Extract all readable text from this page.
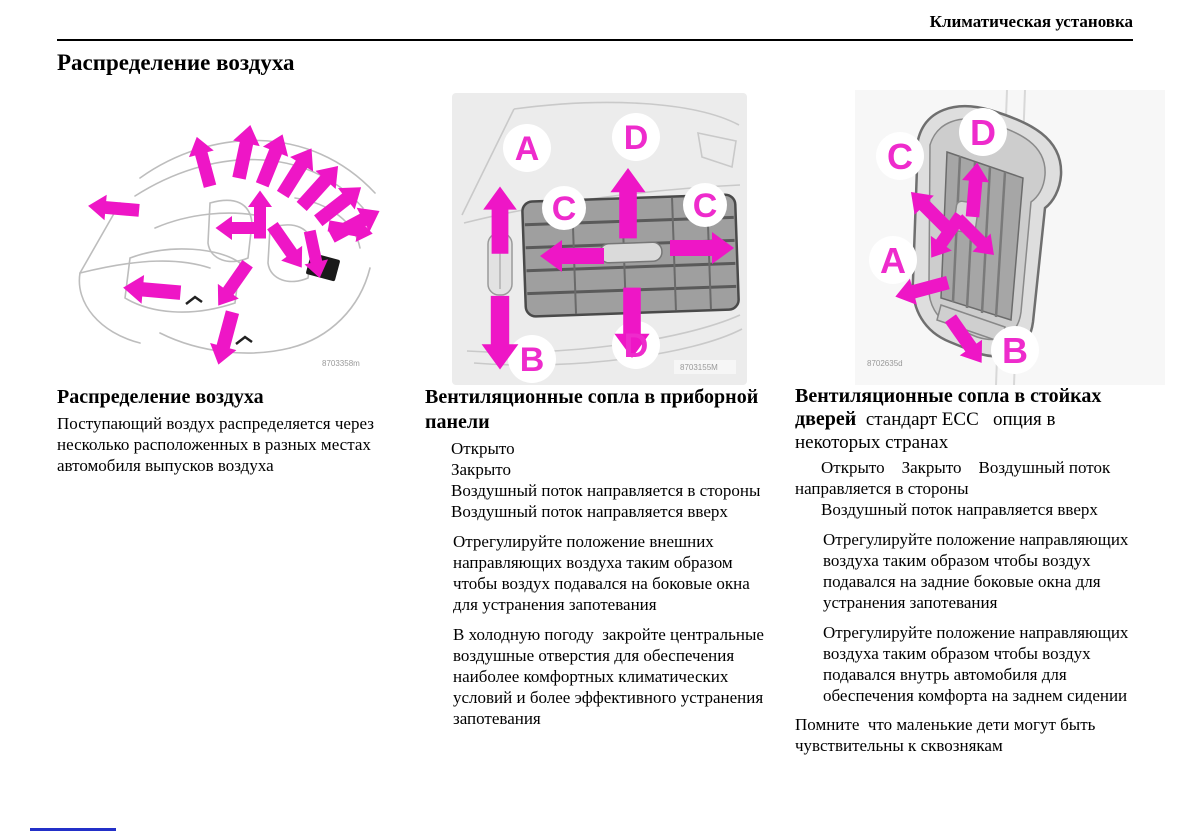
Климатическая установка
Распределение воздуха
8703358m
A D
C	C
D
B	8703155M
C
D
A
B
8702635d
Распределение воздуха

Поступающий воздух распределяется через несколько расположенных в разных местах автомобиля выпусков воздуха

Вентиляционные сопла в приборной панели

Открыто

Закрыто

Воздушный поток направляется в стороны

Воздушный поток направляется вверх

Отрегулируйте положение внешних направляющих воздуха таким образом чтобы воздух подавался на боковые окна для устранения запотевания

В холодную погоду  закройте центральные воздушные отверстия для обеспечения наиболее комфортных климатических условий и более эффективного устранения запотевания

Вентиляционные сопла в стойках дверей  стандарт ECC   опция в некоторых странах

Открыто    Закрыто    Воздушный поток направляется в стороны

Воздушный поток направляется вверх

Отрегулируйте положение направляющих воздуха таким образом чтобы воздух подавался на задние боковые окна для устранения запотевания

Отрегулируйте положение направляющих воздуха таким образом чтобы воздух подавался внутрь автомобиля для обеспечения комфорта на заднем сидении

Помните  что маленькие дети могут быть чувствительны к сквознякам
